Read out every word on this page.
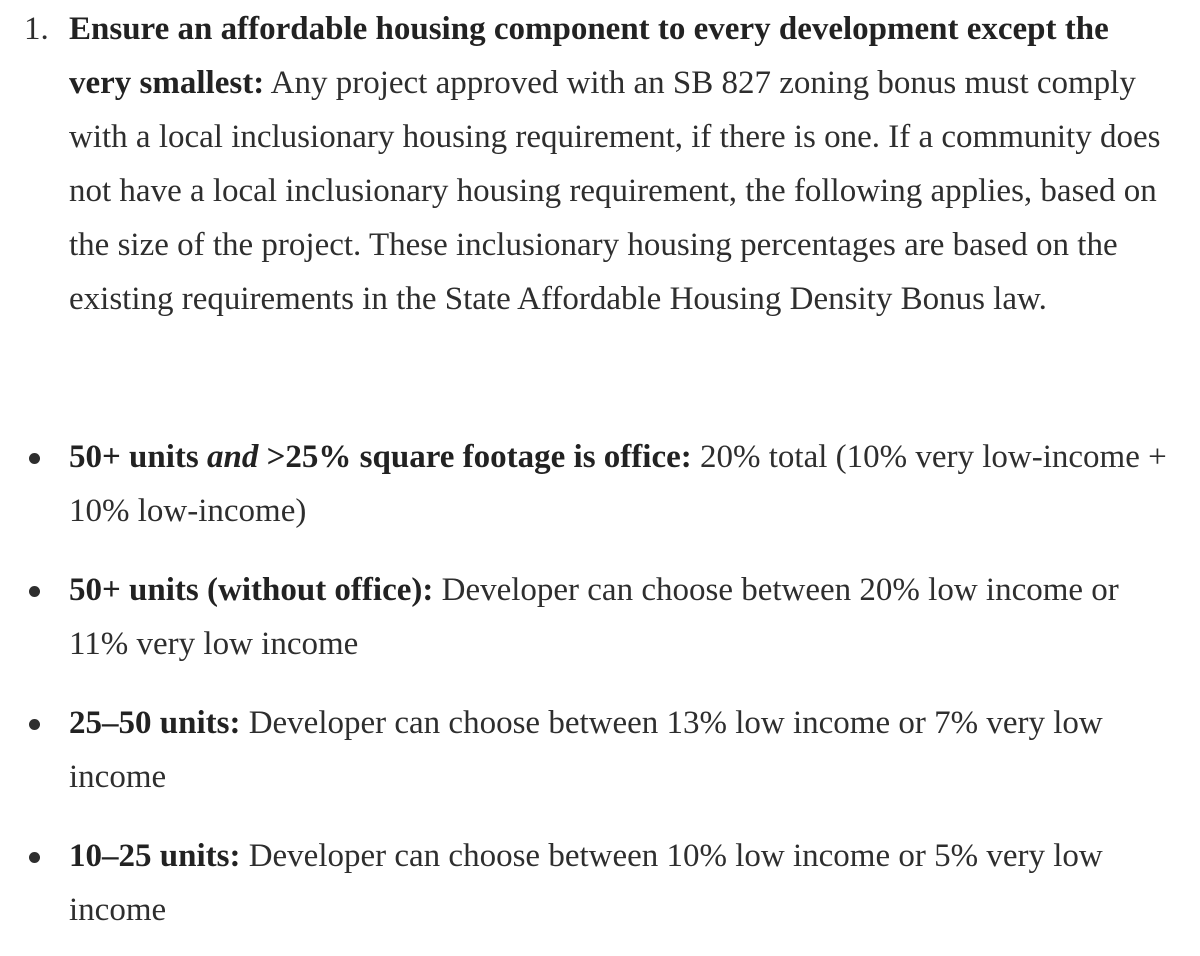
1. Ensure an affordable housing component to every development except the very smallest: Any project approved with an SB 827 zoning bonus must comply with a local inclusionary housing requirement, if there is one. If a community does not have a local inclusionary housing requirement, the following applies, based on the size of the project. These inclusionary housing percentages are based on the existing requirements in the State Affordable Housing Density Bonus law.
50+ units and >25% square footage is office: 20% total (10% very low-income + 10% low-income)
50+ units (without office): Developer can choose between 20% low income or 11% very low income
25–50 units: Developer can choose between 13% low income or 7% very low income
10–25 units: Developer can choose between 10% low income or 5% very low income
